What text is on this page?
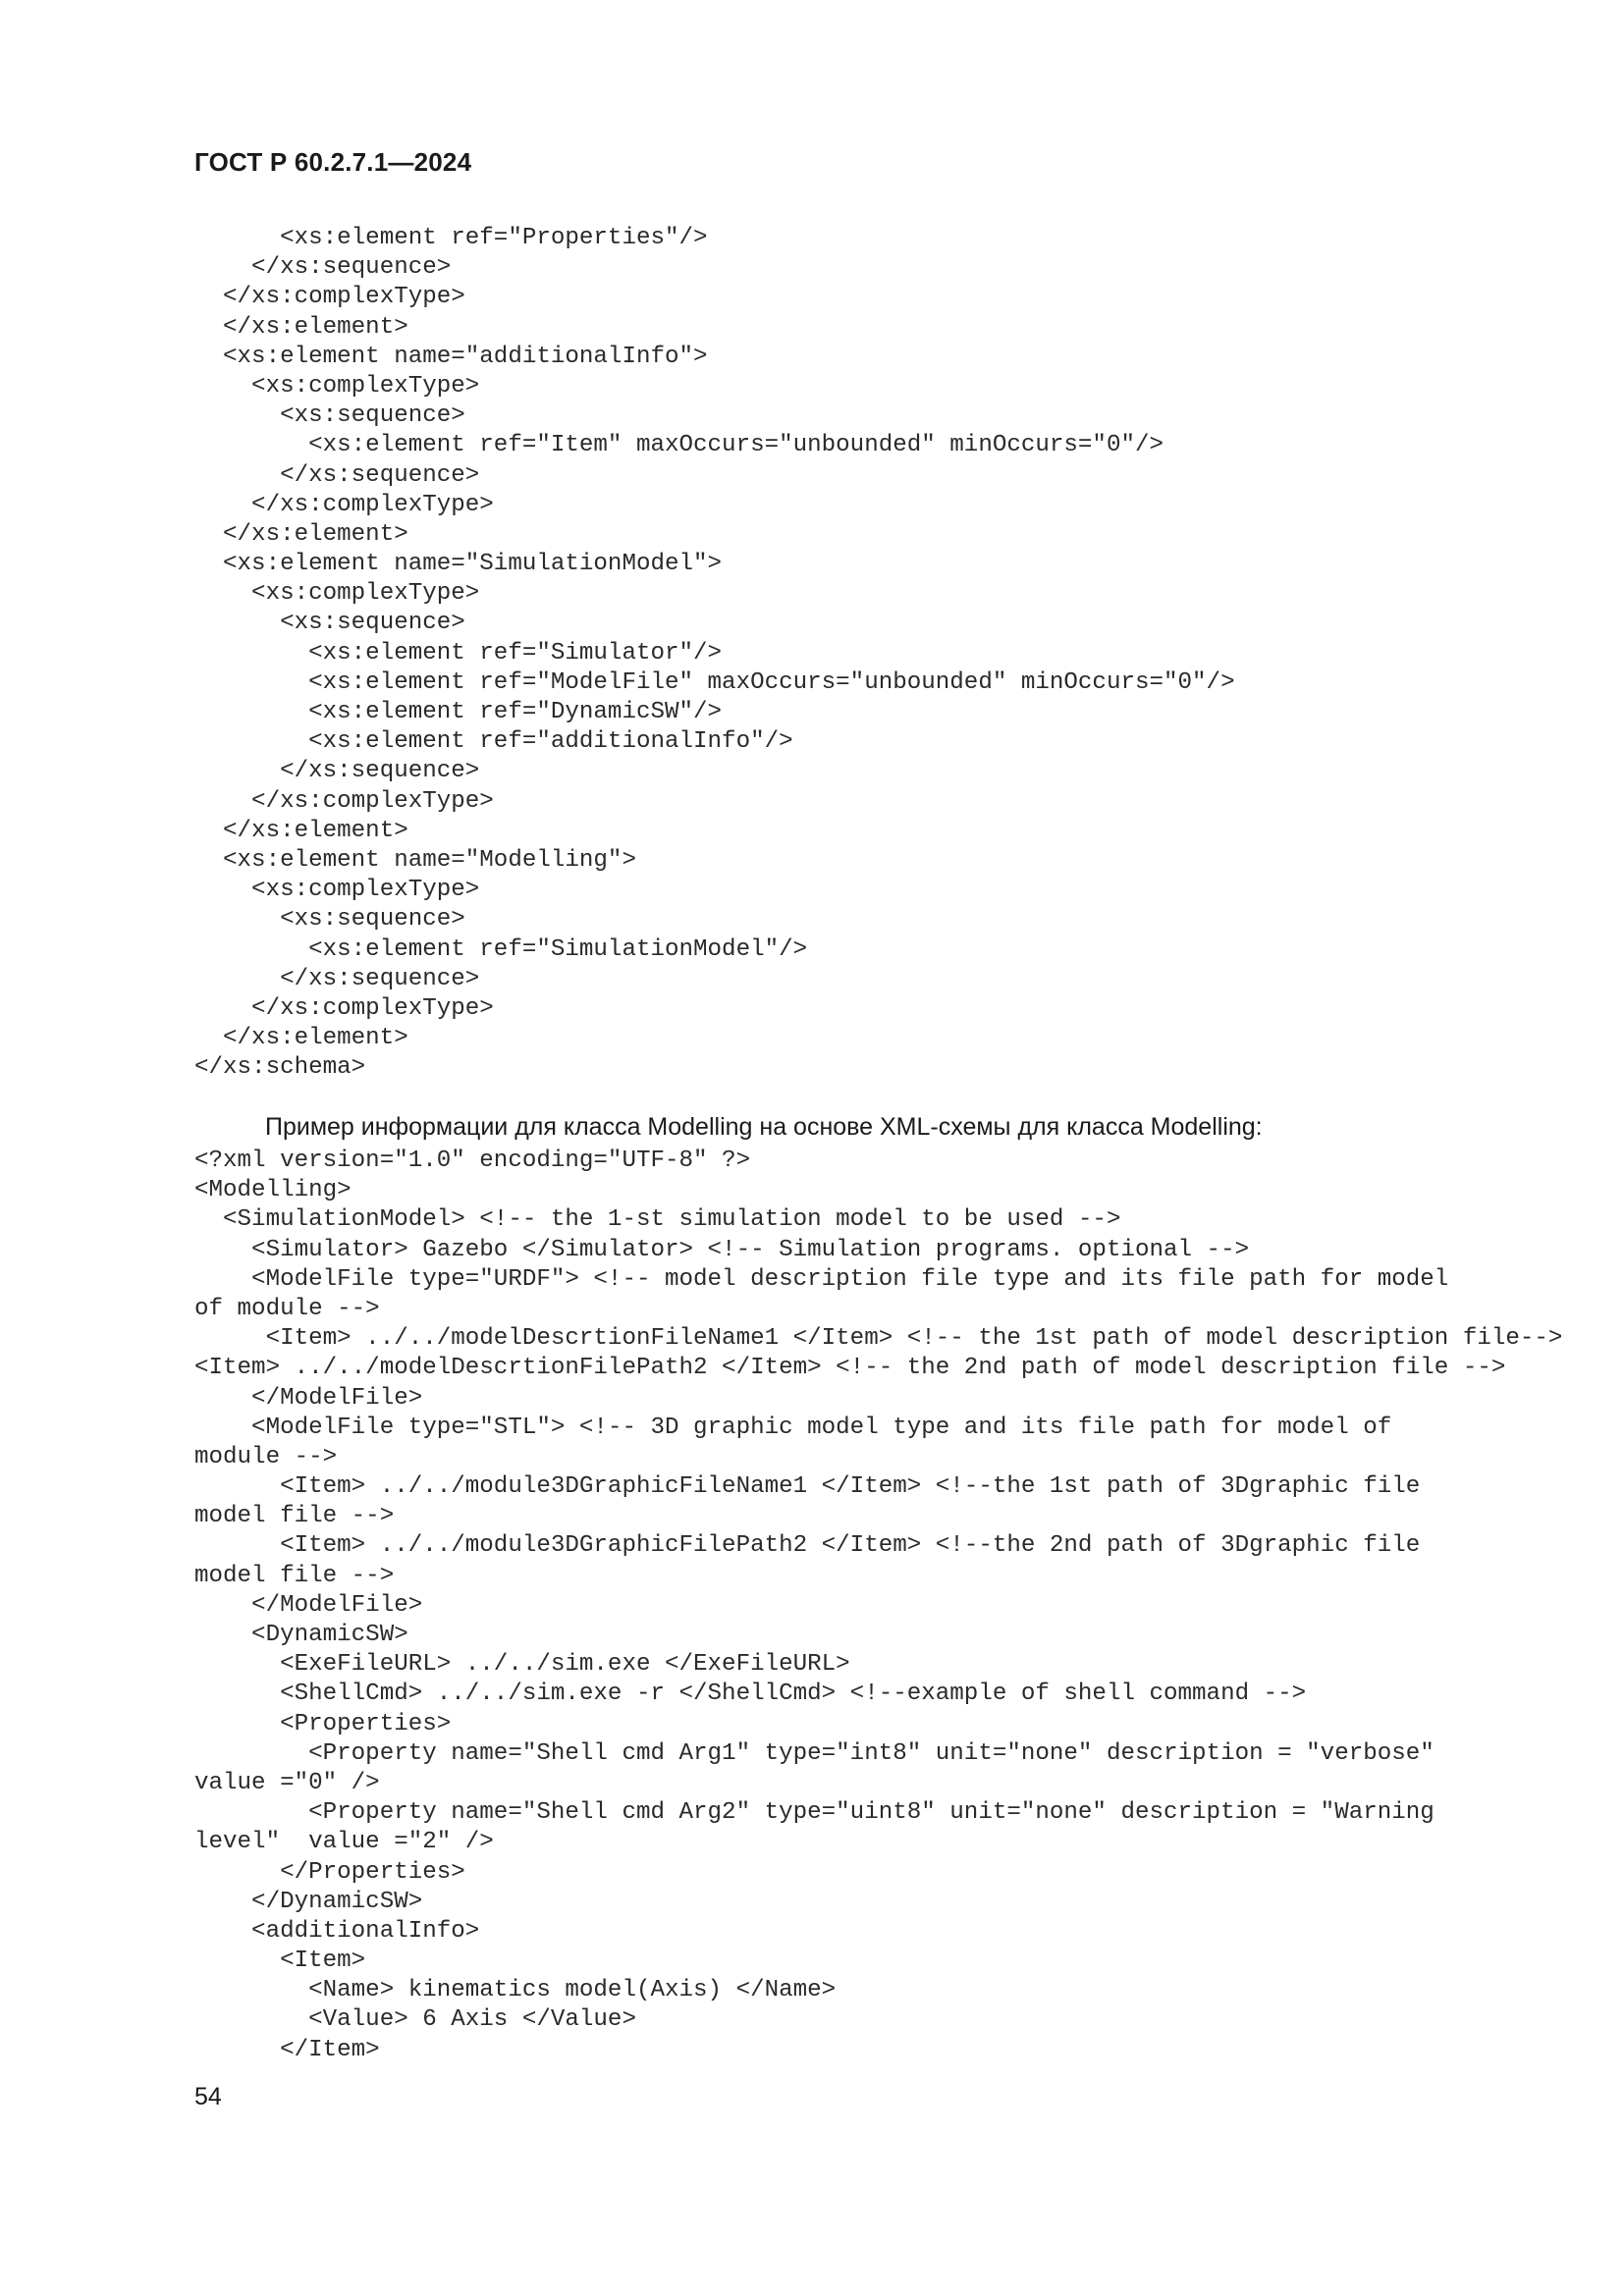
ГОСТ Р 60.2.7.1—2024
<xs:element ref="Properties"/>
</xs:sequence>
</xs:complexType>
</xs:element>
<xs:element name="additionalInfo">
<xs:complexType>
<xs:sequence>
<xs:element ref="Item" maxOccurs="unbounded" minOccurs="0"/>
</xs:sequence>
</xs:complexType>
</xs:element>
<xs:element name="SimulationModel">
<xs:complexType>
<xs:sequence>
<xs:element ref="Simulator"/>
<xs:element ref="ModelFile" maxOccurs="unbounded" minOccurs="0"/>
<xs:element ref="DynamicSW"/>
<xs:element ref="additionalInfo"/>
</xs:sequence>
</xs:complexType>
</xs:element>
<xs:element name="Modelling">
<xs:complexType>
<xs:sequence>
<xs:element ref="SimulationModel"/>
</xs:sequence>
</xs:complexType>
</xs:element>
</xs:schema>
Пример информации для класса Modelling на основе XML-схемы для класса Modelling:
<?xml version="1.0" encoding="UTF-8" ?>
<Modelling>
<SimulationModel> <!-- the 1-st simulation model to be used -->
<Simulator> Gazebo </Simulator> <!-- Simulation programs. optional -->
<ModelFile type="URDF"> <!-- model description file type and its file path for model
of module -->
<Item> ../../modelDescrtionFileName1 </Item> <!-- the 1st path of model description file-->
<Item> ../../modelDescrtionFilePath2 </Item> <!-- the 2nd path of model description file -->
</ModelFile>
<ModelFile type="STL"> <!-- 3D graphic model type and its file path for model of
module -->
<Item> ../../module3DGraphicFileName1 </Item> <!--the 1st path of 3Dgraphic file
model file -->
<Item> ../../module3DGraphicFilePath2 </Item> <!--the 2nd path of 3Dgraphic file
model file -->
</ModelFile>
<DynamicSW>
<ExeFileURL> ../../sim.exe </ExeFileURL>
<ShellCmd> ../../sim.exe -r </ShellCmd> <!--example of shell command -->
<Properties>
<Property name="Shell cmd Arg1" type="int8" unit="none" description = "verbose"
value ="0" />
<Property name="Shell cmd Arg2" type="uint8" unit="none" description = "Warning
level"  value ="2" />
</Properties>
</DynamicSW>
<additionalInfo>
<Item>
<Name> kinematics model(Axis) </Name>
<Value> 6 Axis </Value>
</Item>
54
